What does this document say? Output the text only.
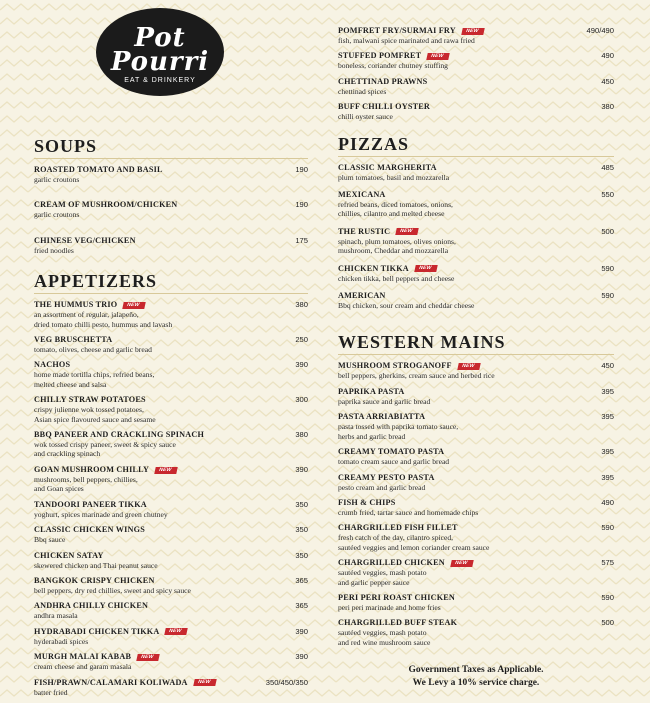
Pot Pourri
EAT & DRINKERY
SOUPS
ROASTED TOMATO AND BASIL
garlic croutons
190
CREAM OF MUSHROOM/CHICKEN
garlic croutons
190
CHINESE VEG/CHICKEN
fried noodles
175
APPETIZERS
THE HUMMUS TRIO NEW
an assortment of regular, jalapeño,
dried tomato chilli pesto, hummus and lavash
380
VEG BRUSCHETTA
tomato, olives, cheese and garlic bread
250
NACHOS
home made tortilla chips, refried beans,
melted cheese and salsa
390
CHILLY STRAW POTATOES
crispy julienne wok tossed potatoes,
Asian spice flavoured sauce and sesame
300
BBQ PANEER AND CRACKLING SPINACH
wok tossed crispy paneer, sweet & spicy sauce
and crackling spinach
380
GOAN MUSHROOM CHILLY NEW
mushrooms, bell peppers, chillies,
and Goan spices
390
TANDOORI PANEER TIKKA
yoghurt, spices marinade and green chutney
350
CLASSIC CHICKEN WINGS
Bbq sauce
350
CHICKEN SATAY
skewered chicken and Thai peanut sauce
350
BANGKOK CRISPY CHICKEN
bell peppers, dry red chillies, sweet and spicy sauce
365
ANDHRA CHILLY CHICKEN
andhra masala
365
HYDRABADI CHICKEN TIKKA NEW
hyderabadi spices
390
MURGH MALAI KABAB NEW
cream cheese and garam masala
390
FISH/PRAWN/CALAMARI KOLIWADA NEW
batter fried
350/450/350
POMFRET FRY/SURMAI FRY NEW
fish, malwani spice marinated and rawa fried
490/490
STUFFED POMFRET NEW
boneless, coriander chutney stuffing
490
CHETTINAD PRAWNS
chettinad spices
450
BUFF CHILLI OYSTER
chilli oyster sauce
380
PIZZAS
CLASSIC MARGHERITA
plum tomatoes, basil and mozzarella
485
MEXICANA
refried beans, diced tomatoes, onions,
chillies, cilantro and melted cheese
550
THE RUSTIC NEW
spinach, plum tomatoes, olives onions,
mushroom, Cheddar and mozzarella
500
CHICKEN TIKKA NEW
chicken tikka, bell peppers and cheese
590
AMERICAN
Bbq chicken, sour cream and cheddar cheese
590
WESTERN MAINS
MUSHROOM STROGANOFF NEW
bell peppers, gherkins, cream sauce and herbed rice
450
PAPRIKA PASTA
paprika sauce and garlic bread
395
PASTA ARRIABIATTA
pasta tossed with paprika tomato sauce,
herbs and garlic bread
395
CREAMY TOMATO PASTA
tomato cream sauce and garlic bread
395
CREAMY PESTO PASTA
pesto cream and garlic bread
395
FISH & CHIPS
crumb fried, tartar sauce and homemade chips
490
CHARGRILLED FISH FILLET
fresh catch of the day, cilantro spiced,
sautéed veggies and lemon coriander cream sauce
590
CHARGRILLED CHICKEN NEW
sautéed veggies, mash potato
and garlic pepper sauce
575
PERI PERI ROAST CHICKEN
peri peri marinade and home fries
590
CHARGRILLED BUFF STEAK
sautéed veggies, mash potato
and red wine mushroom sauce
500
Government Taxes as Applicable.
We Levy a 10% service charge.
